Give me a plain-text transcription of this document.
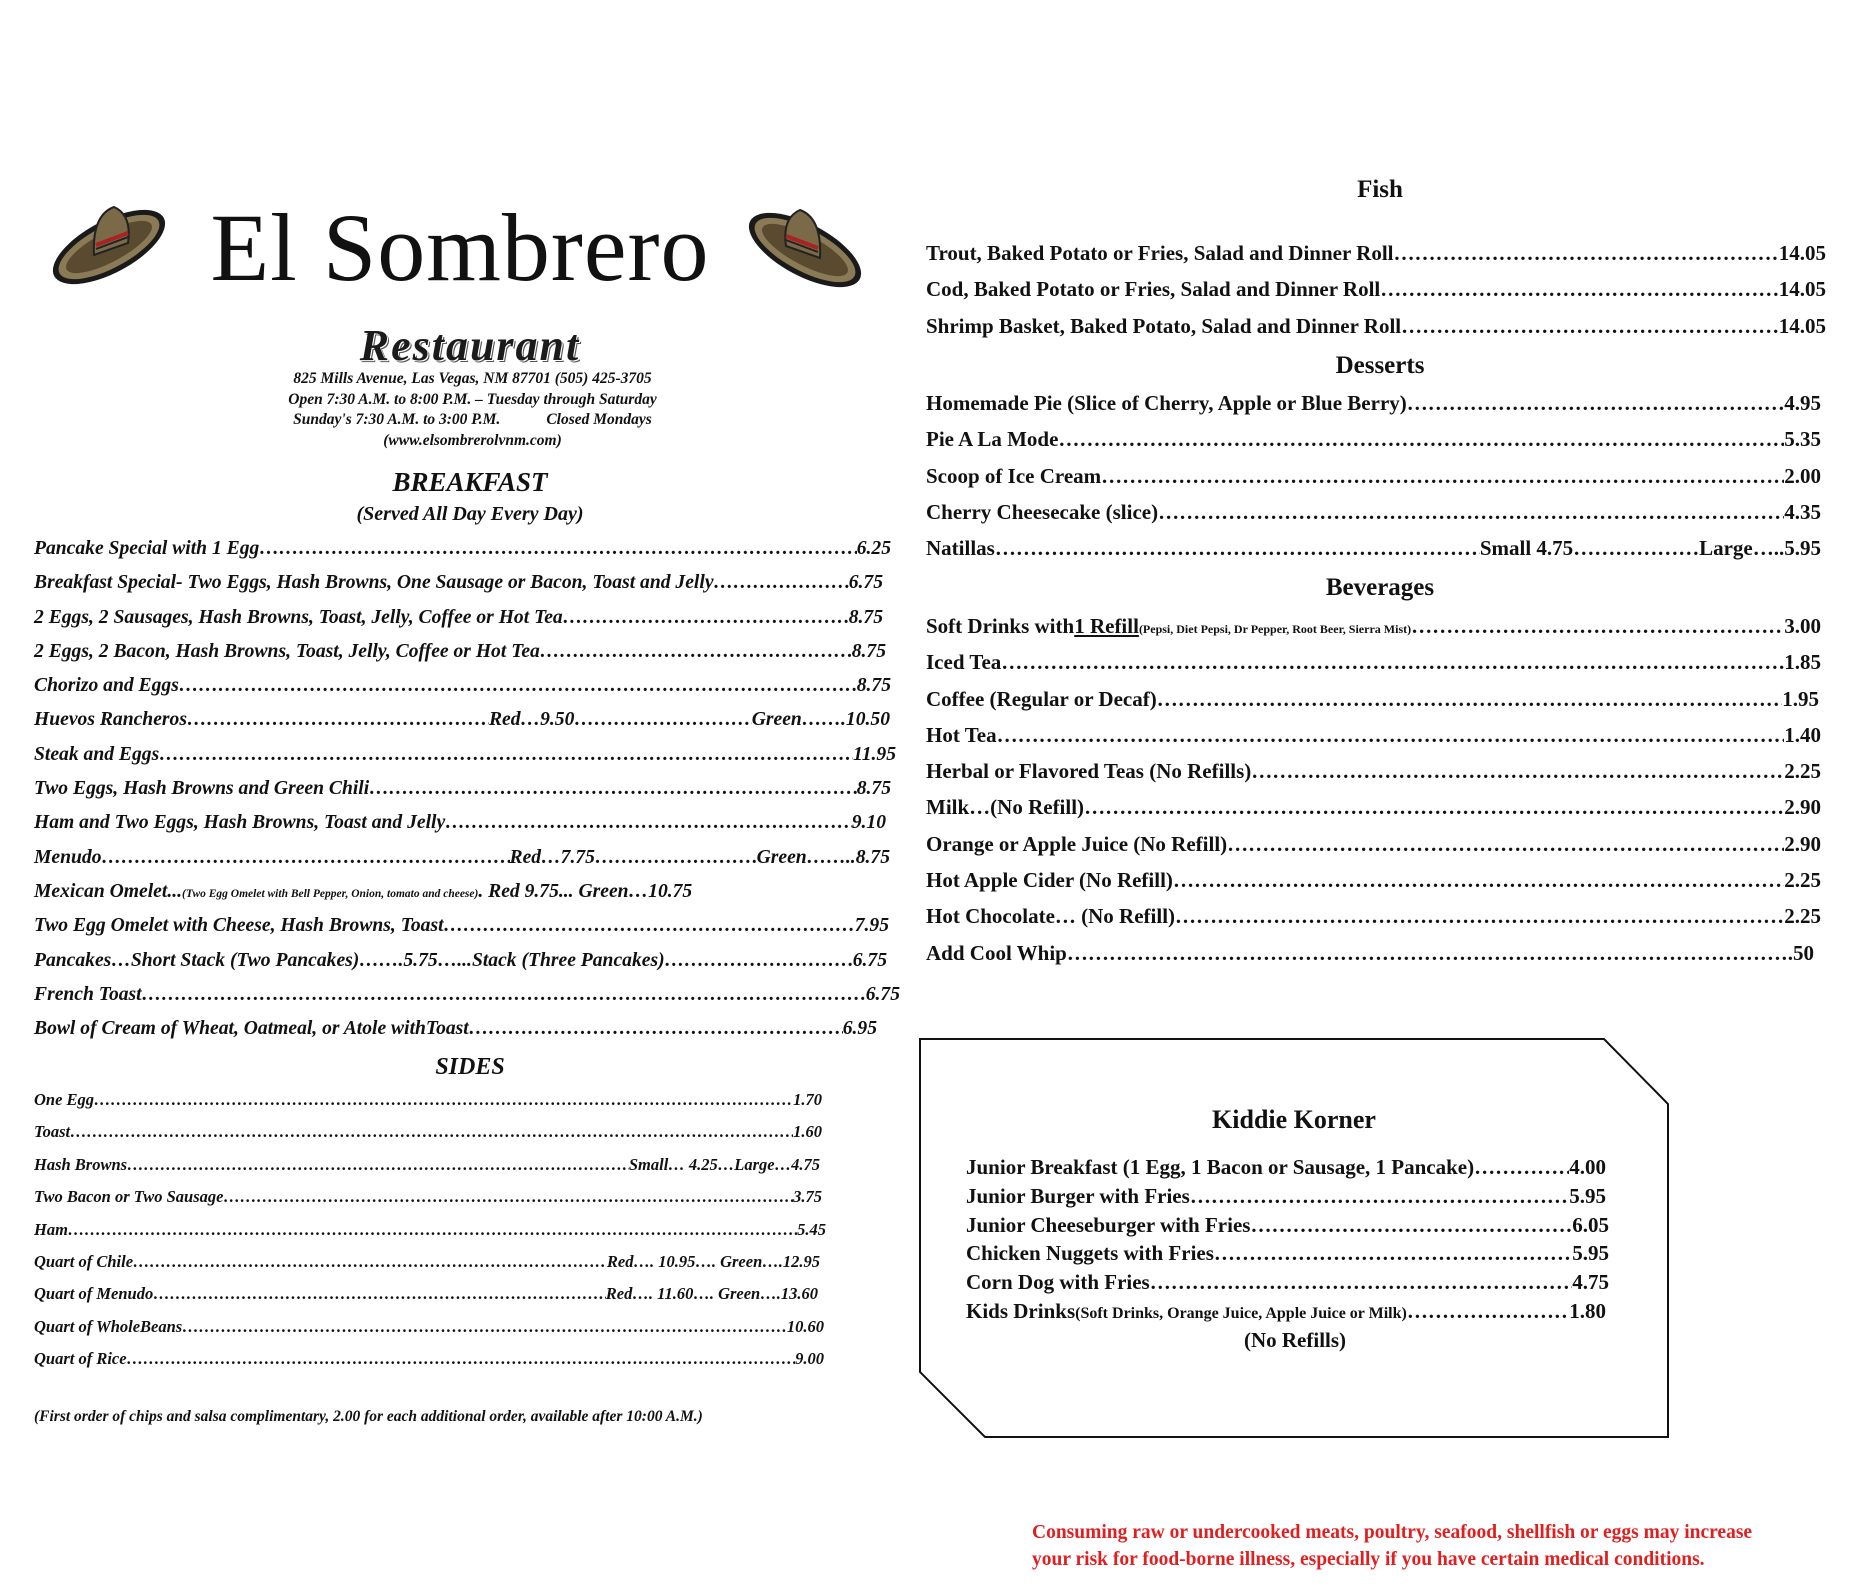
El Sombrero
Restaurant
825 Mills Avenue, Las Vegas, NM 87701 (505) 425-3705
Open 7:30 A.M. to 8:00 P.M. – Tuesday through Saturday
Sunday's 7:30 A.M. to 3:00 P.M.	Closed Mondays
(www.elsombrerolvnm.com)
BREAKFAST
(Served All Day Every Day)
Pancake Special with 1 Egg ……………………………………………………………………………………………………………………………………………………………………………………………………………………………	6.25
Breakfast Special- Two Eggs, Hash Browns, One Sausage or Bacon, Toast and Jelly ……………………………………………………………………………………………………………………………………………………………………………………………………………………………	6.75
2 Eggs, 2 Sausages, Hash Browns, Toast, Jelly, Coffee or Hot Tea ……………………………………………………………………………………………………………………………………………………………………………………………………………………………	8.75
2 Eggs, 2 Bacon, Hash Browns, Toast, Jelly, Coffee or Hot Tea ……………………………………………………………………………………………………………………………………………………………………………………………………………………………	8.75
Chorizo and Eggs ……………………………………………………………………………………………………………………………………………………………………………………………………………………………	8.75
Huevos Rancheros ……………………………………………………………………………………………………………………………………………………………………………………………………………………………	Red…9.50 ……………………………………………………………………………………………………………………………………………………………………………………………………………………………	Green ……. 10.50
Steak and Eggs ……………………………………………………………………………………………………………………………………………………………………………………………………………………………	11.95
Two Eggs, Hash Browns and Green Chili ……………………………………………………………………………………………………………………………………………………………………………………………………………………………	8.75
Ham and Two Eggs, Hash Browns, Toast and Jelly ……………………………………………………………………………………………………………………………………………………………………………………………………………………………	9.10
Menudo ……………………………………………………………………………………………………………………………………………………………………………………………………………………………	Red…7.75 ……………………………………………………………………………………………………………………………………………………………………………………………………………………………	Green …….. 8.75
Mexican Omelet... (Two Egg Omelet with Bell Pepper, Onion, tomato and cheese) . Red 9.75... Green…10.75
Two Egg Omelet with Cheese, Hash Browns, Toast ……………………………………………………………………………………………………………………………………………………………………………………………………………………………	7.95
Pancakes…Short Stack (Two Pancakes)…….5.75…...Stack (Three Pancakes) ……………………………………………………………………………………………………………………………………………………………………………………………………………………………	6.75
French Toast ……………………………………………………………………………………………………………………………………………………………………………………………………………………………	6.75
Bowl of Cream of Wheat, Oatmeal, or Atole withToast ……………………………………………………………………………………………………………………………………………………………………………………………………………………………	6.95
SIDES
One Egg ……………………………………………………………………………………………………………………………………………………………………………………………………………………………	1.70
Toast ……………………………………………………………………………………………………………………………………………………………………………………………………………………………	1.60
Hash Browns ……………………………………………………………………………………………………………………………………………………………………………………………………………………………	Small… 4.25…Large… 4.75
Two Bacon or Two Sausage ……………………………………………………………………………………………………………………………………………………………………………………………………………………………	3.75
Ham ……………………………………………………………………………………………………………………………………………………………………………………………………………………………	5.45
Quart of Chile ……………………………………………………………………………………………………………………………………………………………………………………………………………………………	Red…. 10.95…. Green…. 12.95
Quart of Menudo ……………………………………………………………………………………………………………………………………………………………………………………………………………………………	Red…. 11.60…. Green…. 13.60
Quart of WholeBeans ……………………………………………………………………………………………………………………………………………………………………………………………………………………………	10.60
Quart of Rice ……………………………………………………………………………………………………………………………………………………………………………………………………………………………	9.00
(First order of chips and salsa complimentary, 2.00 for each additional order, available after 10:00 A.M.)
Fish
Trout, Baked Potato or Fries, Salad and Dinner Roll ……………………………………………………………………………………………………………………………………………………………………………………………………………………………	14.05
Cod, Baked Potato or Fries, Salad and Dinner Roll ……………………………………………………………………………………………………………………………………………………………………………………………………………………………	14.05
Shrimp Basket, Baked Potato, Salad and Dinner Roll ……………………………………………………………………………………………………………………………………………………………………………………………………………………………	14.05
Desserts
Homemade Pie (Slice of Cherry, Apple or Blue Berry) ……………………………………………………………………………………………………………………………………………………………………………………………………………………………	4.95
Pie A La Mode ……………………………………………………………………………………………………………………………………………………………………………………………………………………………	5.35
Scoop of Ice Cream ……………………………………………………………………………………………………………………………………………………………………………………………………………………………	2.00
Cherry Cheesecake (slice) ……………………………………………………………………………………………………………………………………………………………………………………………………………………………	4.35
Natillas ……………………………………………………………………………………………………………………………………………………………………………………………………………………………	Small 4.75 ……………………………………………………………………………………………………………………………………………………………………………………………………………………………	Large ….. 5.95
Beverages
Soft Drinks with 1 Refill (Pepsi, Diet Pepsi, Dr Pepper, Root Beer, Sierra Mist) ……………………………………………………………………………………………………………………………………………………………………………………………………………………………	3.00
Iced Tea ……………………………………………………………………………………………………………………………………………………………………………………………………………………………	1.85
Coffee (Regular or Decaf) ……………………………………………………………………………………………………………………………………………………………………………………………………………………………	1.95
Hot Tea ……………………………………………………………………………………………………………………………………………………………………………………………………………………………	1.40
Herbal or Flavored Teas (No Refills) ……………………………………………………………………………………………………………………………………………………………………………………………………………………………	2.25
Milk…(No Refill) ……………………………………………………………………………………………………………………………………………………………………………………………………………………………	2.90
Orange or Apple Juice (No Refill) ……………………………………………………………………………………………………………………………………………………………………………………………………………………………	2.90
Hot Apple Cider (No Refill) ……………………………………………………………………………………………………………………………………………………………………………………………………………………………	2.25
Hot Chocolate… (No Refill) ……………………………………………………………………………………………………………………………………………………………………………………………………………………………	2.25
Add Cool Whip ……………………………………………………………………………………………………………………………………………………………………………………………………………………………	.50
Kiddie Korner
Junior Breakfast (1 Egg, 1 Bacon or Sausage, 1 Pancake) ……………………………………………………………………………………………………………………………………………………………………………………………………………………………	4.00
Junior Burger with Fries ……………………………………………………………………………………………………………………………………………………………………………………………………………………………	5.95
Junior Cheeseburger with Fries ……………………………………………………………………………………………………………………………………………………………………………………………………………………………	6.05
Chicken Nuggets with Fries ……………………………………………………………………………………………………………………………………………………………………………………………………………………………	5.95
Corn Dog with Fries ……………………………………………………………………………………………………………………………………………………………………………………………………………………………	4.75
Kids Drinks (Soft Drinks, Orange Juice, Apple Juice or Milk) ……………………………………………………………………………………………………………………………………………………………………………………………………………………………	1.80
(No Refills)
Consuming raw or undercooked meats, poultry, seafood, shellfish or eggs may increase
your risk for food-borne illness, especially if you have certain medical conditions.
